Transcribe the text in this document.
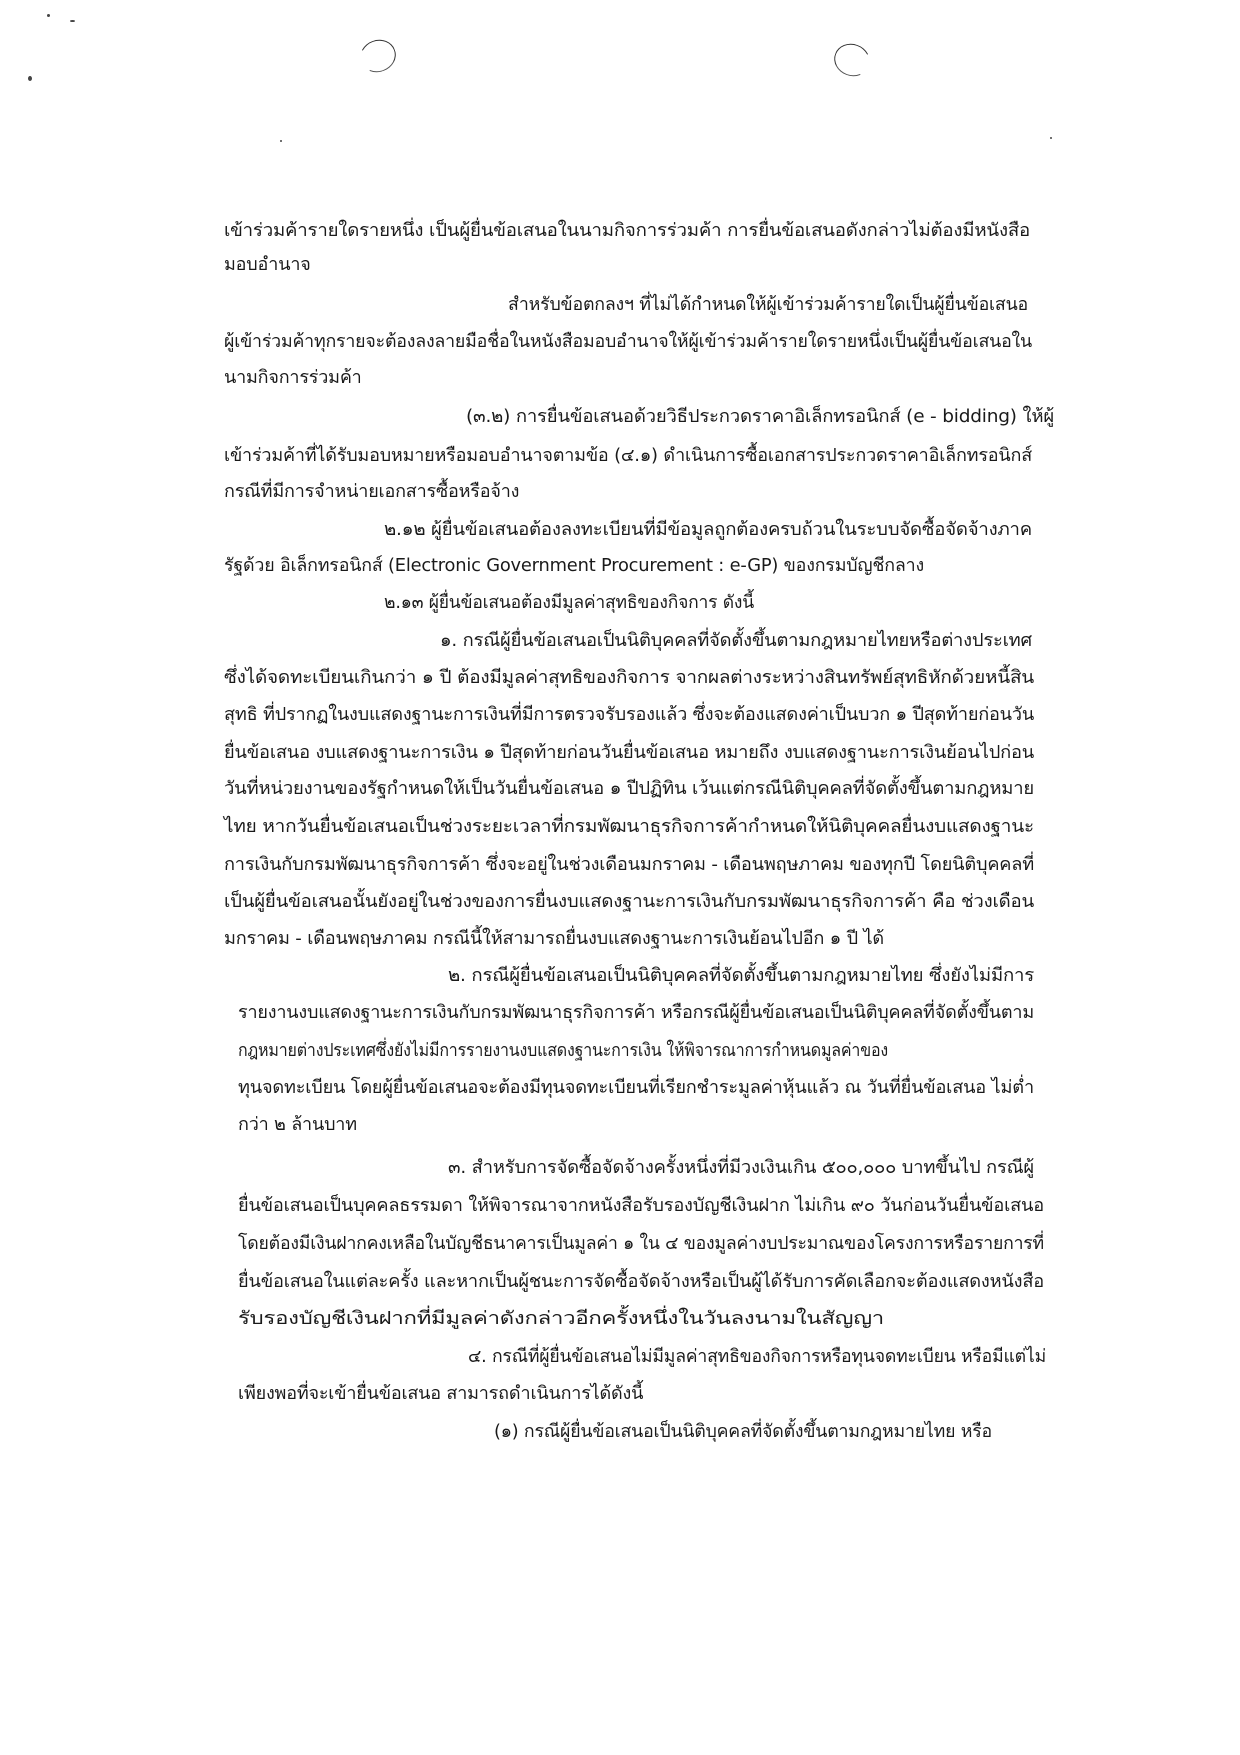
เข้าร่วมค้ารายใดรายหนึ่ง เป็นผู้ยื่นข้อเสนอในนามกิจการร่วมค้า การยื่นข้อเสนอดังกล่าวไม่ต้องมีหนังสือ
มอบอำนาจ
สำหรับข้อตกลงฯ ที่ไม่ได้กำหนดให้ผู้เข้าร่วมค้ารายใดเป็นผู้ยื่นข้อเสนอ
ผู้เข้าร่วมค้าทุกรายจะต้องลงลายมือชื่อในหนังสือมอบอำนาจให้ผู้เข้าร่วมค้ารายใดรายหนึ่งเป็นผู้ยื่นข้อเสนอใน
นามกิจการร่วมค้า
(๓.๒) การยื่นข้อเสนอด้วยวิธีประกวดราคาอิเล็กทรอนิกส์ (e - bidding) ให้ผู้
เข้าร่วมค้าที่ได้รับมอบหมายหรือมอบอำนาจตามข้อ (๔.๑) ดำเนินการซื้อเอกสารประกวดราคาอิเล็กทรอนิกส์
กรณีที่มีการจำหน่ายเอกสารซื้อหรือจ้าง
๒.๑๒ ผู้ยื่นข้อเสนอต้องลงทะเบียนที่มีข้อมูลถูกต้องครบถ้วนในระบบจัดซื้อจัดจ้างภาค
รัฐด้วย อิเล็กทรอนิกส์ (Electronic Government Procurement : e-GP) ของกรมบัญชีกลาง
๒.๑๓ ผู้ยื่นข้อเสนอต้องมีมูลค่าสุทธิของกิจการ ดังนี้
๑. กรณีผู้ยื่นข้อเสนอเป็นนิติบุคคลที่จัดตั้งขึ้นตามกฎหมายไทยหรือต่างประเทศ
ซึ่งได้จดทะเบียนเกินกว่า ๑ ปี ต้องมีมูลค่าสุทธิของกิจการ จากผลต่างระหว่างสินทรัพย์สุทธิหักด้วยหนี้สิน
สุทธิ ที่ปรากฏในงบแสดงฐานะการเงินที่มีการตรวจรับรองแล้ว ซึ่งจะต้องแสดงค่าเป็นบวก ๑ ปีสุดท้ายก่อนวัน
ยื่นข้อเสนอ งบแสดงฐานะการเงิน ๑ ปีสุดท้ายก่อนวันยื่นข้อเสนอ หมายถึง งบแสดงฐานะการเงินย้อนไปก่อน
วันที่หน่วยงานของรัฐกำหนดให้เป็นวันยื่นข้อเสนอ ๑ ปีปฏิทิน เว้นแต่กรณีนิติบุคคลที่จัดตั้งขึ้นตามกฎหมาย
ไทย หากวันยื่นข้อเสนอเป็นช่วงระยะเวลาที่กรมพัฒนาธุรกิจการค้ากำหนดให้นิติบุคคลยื่นงบแสดงฐานะ
การเงินกับกรมพัฒนาธุรกิจการค้า ซึ่งจะอยู่ในช่วงเดือนมกราคม - เดือนพฤษภาคม ของทุกปี โดยนิติบุคคลที่
เป็นผู้ยื่นข้อเสนอนั้นยังอยู่ในช่วงของการยื่นงบแสดงฐานะการเงินกับกรมพัฒนาธุรกิจการค้า คือ ช่วงเดือน
มกราคม - เดือนพฤษภาคม กรณีนี้ให้สามารถยื่นงบแสดงฐานะการเงินย้อนไปอีก ๑ ปี ได้
๒. กรณีผู้ยื่นข้อเสนอเป็นนิติบุคคลที่จัดตั้งขึ้นตามกฎหมายไทย ซึ่งยังไม่มีการ
รายงานงบแสดงฐานะการเงินกับกรมพัฒนาธุรกิจการค้า หรือกรณีผู้ยื่นข้อเสนอเป็นนิติบุคคลที่จัดตั้งขึ้นตาม
กฎหมายต่างประเทศซึ่งยังไม่มีการรายงานงบแสดงฐานะการเงิน ให้พิจารณาการกำหนดมูลค่าของ
ทุนจดทะเบียน โดยผู้ยื่นข้อเสนอจะต้องมีทุนจดทะเบียนที่เรียกชำระมูลค่าหุ้นแล้ว ณ วันที่ยื่นข้อเสนอ ไม่ต่ำ
กว่า ๒ ล้านบาท
๓. สำหรับการจัดซื้อจัดจ้างครั้งหนึ่งที่มีวงเงินเกิน ๕๐๐,๐๐๐ บาทขึ้นไป กรณีผู้
ยื่นข้อเสนอเป็นบุคคลธรรมดา ให้พิจารณาจากหนังสือรับรองบัญชีเงินฝาก ไม่เกิน ๙๐ วันก่อนวันยื่นข้อเสนอ
โดยต้องมีเงินฝากคงเหลือในบัญชีธนาคารเป็นมูลค่า ๑ ใน ๔ ของมูลค่างบประมาณของโครงการหรือรายการที่
ยื่นข้อเสนอในแต่ละครั้ง และหากเป็นผู้ชนะการจัดซื้อจัดจ้างหรือเป็นผู้ได้รับการคัดเลือกจะต้องแสดงหนังสือ
รับรองบัญชีเงินฝากที่มีมูลค่าดังกล่าวอีกครั้งหนึ่งในวันลงนามในสัญญา
๔. กรณีที่ผู้ยื่นข้อเสนอไม่มีมูลค่าสุทธิของกิจการหรือทุนจดทะเบียน หรือมีแต่ไม่
เพียงพอที่จะเข้ายื่นข้อเสนอ สามารถดำเนินการได้ดังนี้
(๑) กรณีผู้ยื่นข้อเสนอเป็นนิติบุคคลที่จัดตั้งขึ้นตามกฎหมายไทย หรือ
